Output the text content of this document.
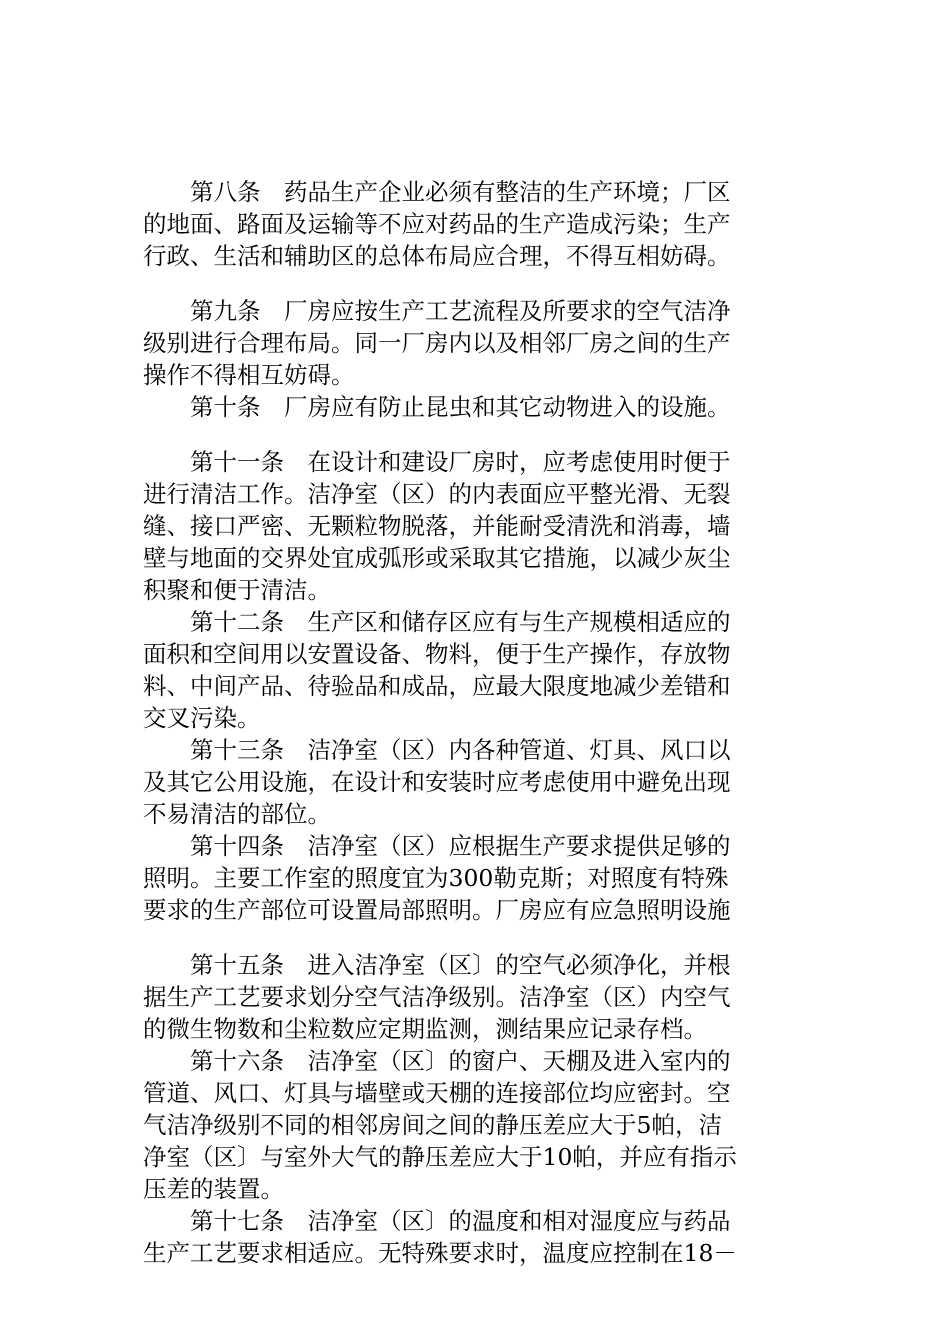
　　第八条　药品生产企业必须有整洁的生产环境；厂区
的地面、路面及运输等不应对药品的生产造成污染；生产
行政、生活和辅助区的总体布局应合理，不得互相妨碍。
　　第九条　厂房应按生产工艺流程及所要求的空气洁净
级别进行合理布局。同一厂房内以及相邻厂房之间的生产
操作不得相互妨碍。
　　第十条　厂房应有防止昆虫和其它动物进入的设施。
　　第十一条　在设计和建设厂房时，应考虑使用时便于
进行清洁工作。洁净室（区）的内表面应平整光滑、无裂
缝、接口严密、无颗粒物脱落，并能耐受清洗和消毒，墙
壁与地面的交界处宜成弧形或采取其它措施，以减少灰尘
积聚和便于清洁。
　　第十二条　生产区和储存区应有与生产规模相适应的
面积和空间用以安置设备、物料，便于生产操作，存放物
料、中间产品、待验品和成品，应最大限度地减少差错和
交叉污染。
　　第十三条　洁净室（区）内各种管道、灯具、风口以
及其它公用设施，在设计和安装时应考虑使用中避免出现
不易清洁的部位。
　　第十四条　洁净室（区）应根据生产要求提供足够的
照明。主要工作室的照度宜为300勒克斯；对照度有特殊
要求的生产部位可设置局部照明。厂房应有应急照明设施
　　第十五条　进入洁净室（区〕的空气必须净化，并根
据生产工艺要求划分空气洁净级别。洁净室（区）内空气
的微生物数和尘粒数应定期监测，测结果应记录存档。
　　第十六条　洁净室（区〕的窗户、天棚及进入室内的
管道、风口、灯具与墙壁或天棚的连接部位均应密封。空
气洁净级别不同的相邻房间之间的静压差应大于5帕，洁
净室（区〕与室外大气的静压差应大于10帕，并应有指示
压差的装置。
　　第十七条　洁净室（区〕的温度和相对湿度应与药品
生产工艺要求相适应。无特殊要求时，温度应控制在18－
